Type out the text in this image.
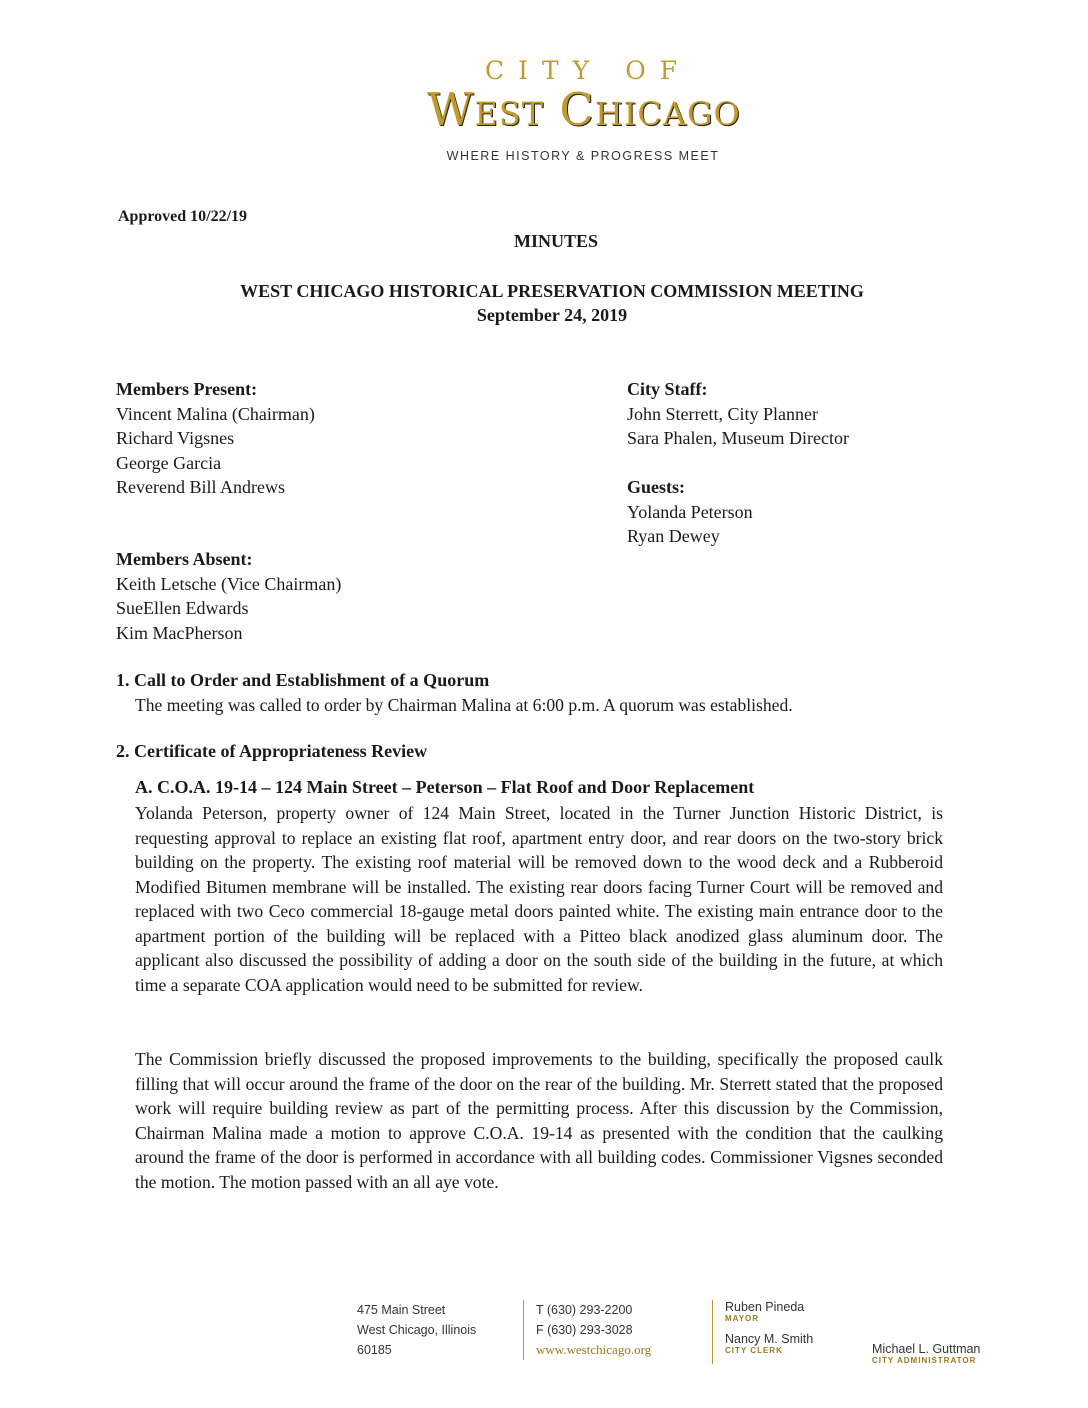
CITY OF
West Chicago
WHERE HISTORY & PROGRESS MEET
Approved 10/22/19
MINUTES
WEST CHICAGO HISTORICAL PRESERVATION COMMISSION MEETING
September 24, 2019
Members Present:
Vincent Malina (Chairman)
Richard Vigsnes
George Garcia
Reverend Bill Andrews
Members Absent:
Keith Letsche (Vice Chairman)
SueEllen Edwards
Kim MacPherson
City Staff:
John Sterrett, City Planner
Sara Phalen, Museum Director
Guests:
Yolanda Peterson
Ryan Dewey
1. Call to Order and Establishment of a Quorum
The meeting was called to order by Chairman Malina at 6:00 p.m. A quorum was established.
2. Certificate of Appropriateness Review
A. C.O.A. 19-14 – 124 Main Street – Peterson – Flat Roof and Door Replacement
Yolanda Peterson, property owner of 124 Main Street, located in the Turner Junction Historic District, is requesting approval to replace an existing flat roof, apartment entry door, and rear doors on the two-story brick building on the property. The existing roof material will be removed down to the wood deck and a Rubberoid Modified Bitumen membrane will be installed. The existing rear doors facing Turner Court will be removed and replaced with two Ceco commercial 18-gauge metal doors painted white. The existing main entrance door to the apartment portion of the building will be replaced with a Pitteo black anodized glass aluminum door. The applicant also discussed the possibility of adding a door on the south side of the building in the future, at which time a separate COA application would need to be submitted for review.
The Commission briefly discussed the proposed improvements to the building, specifically the proposed caulk filling that will occur around the frame of the door on the rear of the building. Mr. Sterrett stated that the proposed work will require building review as part of the permitting process. After this discussion by the Commission, Chairman Malina made a motion to approve C.O.A. 19-14 as presented with the condition that the caulking around the frame of the door is performed in accordance with all building codes. Commissioner Vigsnes seconded the motion. The motion passed with an all aye vote.
475 Main Street
West Chicago, Illinois
60185
T (630) 293-2200
F (630) 293-3028
www.westchicago.org
Ruben Pineda
MAYOR
Nancy M. Smith
CITY CLERK	Michael L. Guttman
CITY ADMINISTRATOR
